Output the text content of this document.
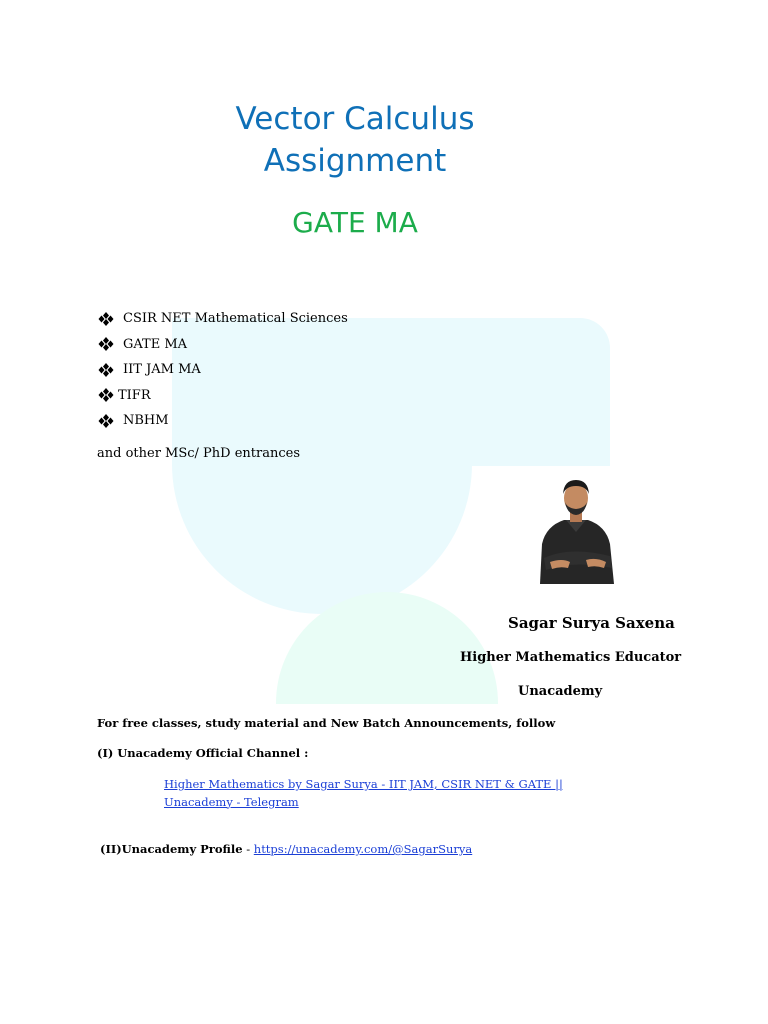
Vector Calculus
Assignment
GATE MA
CSIR NET Mathematical Sciences
GATE MA
IIT JAM MA
TIFR
NBHM

and other MSc/ PhD entrances

Sagar Surya Saxena

Higher Mathematics Educator

Unacademy

For free classes, study material and New Batch Announcements, follow

(I) Unacademy Official Channel :

Higher Mathematics by Sagar Surya - IIT JAM, CSIR NET & GATE || Unacademy - Telegram

(II)Unacademy Profile - https://unacademy.com/@SagarSurya
